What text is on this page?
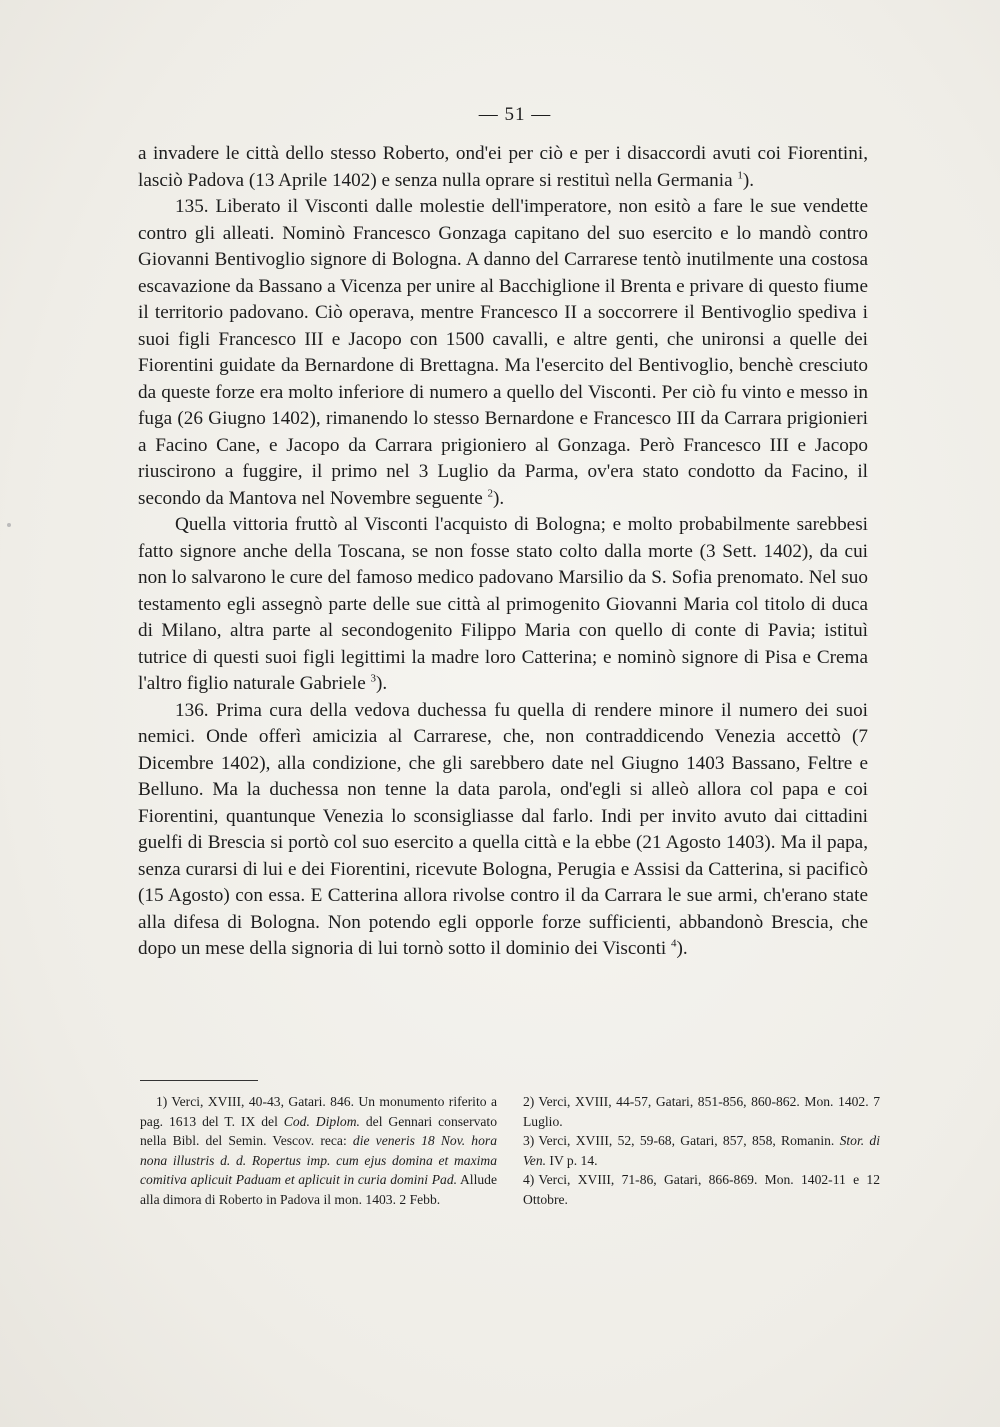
— 51 —

a invadere le città dello stesso Roberto, ond'ei per ciò e per i disaccordi avuti coi Fiorentini, lasciò Padova (13 Aprile 1402) e senza nulla oprare si restituì nella Germania $^1$).

135. Liberato il Visconti dalle molestie dell'imperatore, non esitò a fare le sue vendette contro gli alleati. Nominò Francesco Gonzaga capitano del suo esercito e lo mandò contro Giovanni Bentivoglio signore di Bologna. A danno del Carrarese tentò inutilmente una costosa escavazione da Bassano a Vicenza per unire al Bacchiglione il Brenta e privare di questo fiume il territorio padovano. Ciò operava, mentre Francesco II a soccorrere il Bentivoglio spediva i suoi figli Francesco III e Jacopo con 1500 cavalli, e altre genti, che unironsi a quelle dei Fiorentini guidate da Bernardone di Brettagna. Ma l'esercito del Bentivoglio, benchè cresciuto da queste forze era molto inferiore di numero a quello del Visconti. Per ciò fu vinto e messo in fuga (26 Giugno 1402), rimanendo lo stesso Bernardone e Francesco III da Carrara prigionieri a Facino Cane, e Jacopo da Carrara prigioniero al Gonzaga. Però Francesco III e Jacopo riuscirono a fuggire, il primo nel 3 Luglio da Parma, ov'era stato condotto da Facino, il secondo da Mantova nel Novembre seguente $^2$).

Quella vittoria fruttò al Visconti l'acquisto di Bologna; e molto probabilmente sarebbesi fatto signore anche della Toscana, se non fosse stato colto dalla morte (3 Sett. 1402), da cui non lo salvarono le cure del famoso medico padovano Marsilio da S. Sofia prenomato. Nel suo testamento egli assegnò parte delle sue città al primogenito Giovanni Maria col titolo di duca di Milano, altra parte al secondogenito Filippo Maria con quello di conte di Pavia; istituì tutrice di questi suoi figli legittimi la madre loro Catterina; e nominò signore di Pisa e Crema l'altro figlio naturale Gabriele $^3$).

136. Prima cura della vedova duchessa fu quella di rendere minore il numero dei suoi nemici. Onde offerì amicizia al Carrarese, che, non contraddicendo Venezia accettò (7 Dicembre 1402), alla condizione, che gli sarebbero date nel Giugno 1403 Bassano, Feltre e Belluno. Ma la duchessa non tenne la data parola, ond'egli si alleò allora col papa e coi Fiorentini, quantunque Venezia lo sconsigliasse dal farlo. Indi per invito avuto dai cittadini guelfi di Brescia si portò col suo esercito a quella città e la ebbe (21 Agosto 1403). Ma il papa, senza curarsi di lui e dei Fiorentini, ricevute Bologna, Perugia e Assisi da Catterina, si pacificò (15 Agosto) con essa. E Catterina allora rivolse contro il da Carrara le sue armi, ch'erano state alla difesa di Bologna. Non potendo egli opporle forze sufficienti, abbandonò Brescia, che dopo un mese della signoria di lui tornò sotto il dominio dei Visconti $^4$).

1) Verci, XVIII, 40-43, Gatari. 846. Un monumento riferito a pag. 1613 del T. IX del Cod. Diplom. del Gennari conservato nella Bibl. del Semin. Vescov. reca: die veneris 18 Nov. hora nona illustris d. d. Ropertus imp. cum ejus domina et maxima comitiva aplicuit Paduam et aplicuit in curia domini Pad. Allude alla dimora di Roberto in Padova il mon. 1403. 2 Febb.

2) Verci, XVIII, 44-57, Gatari, 851-856, 860-862. Mon. 1402. 7 Luglio.

3) Verci, XVIII, 52, 59-68, Gatari, 857, 858, Romanin. Stor. di Ven. IV p. 14.

4) Verci, XVIII, 71-86, Gatari, 866-869. Mon. 1402-11 e 12 Ottobre.
